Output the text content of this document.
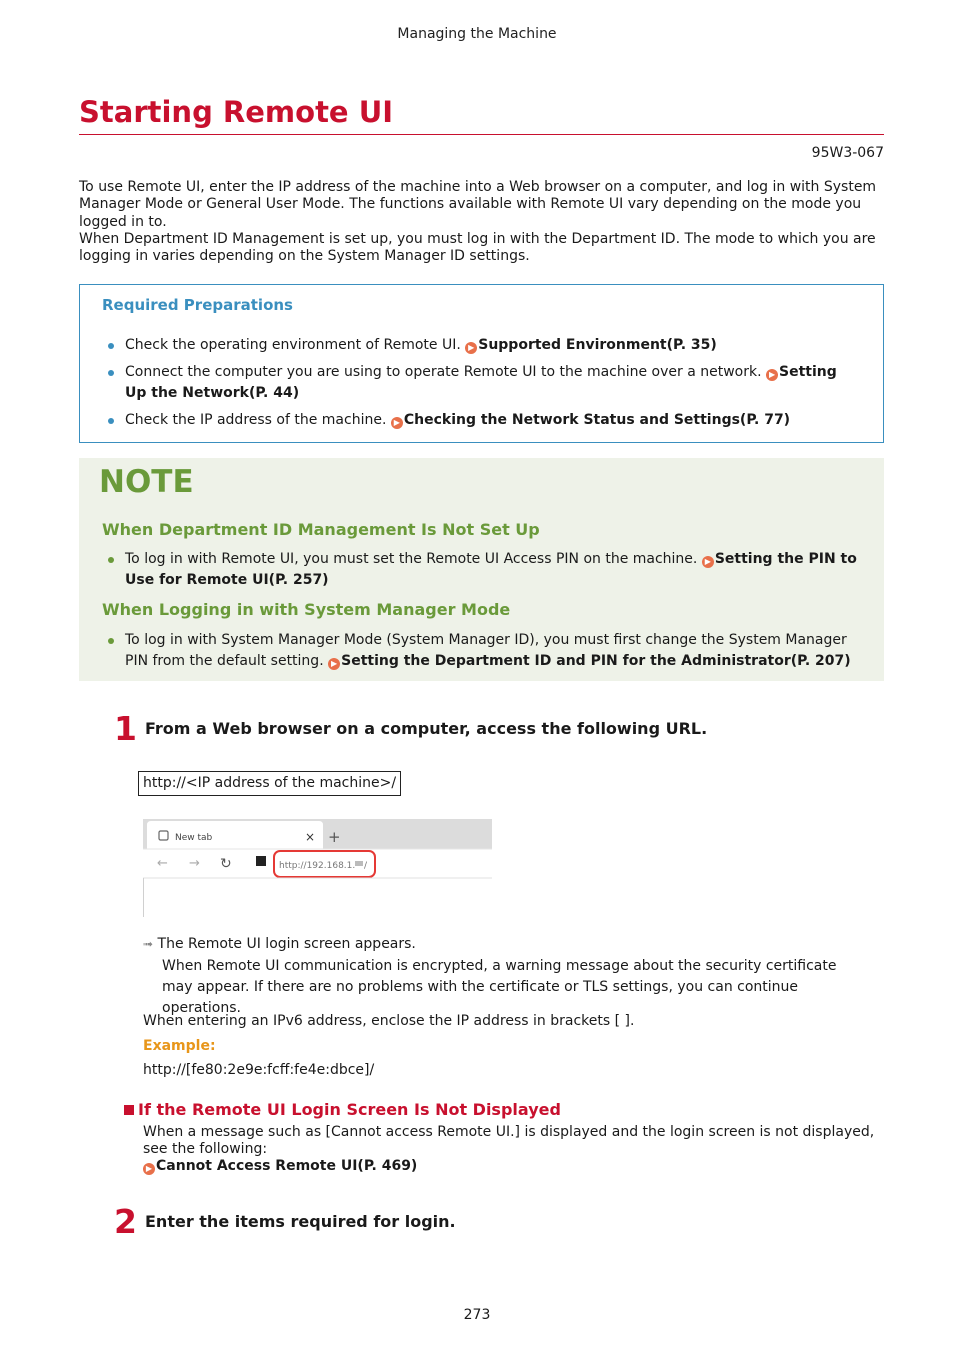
Managing the Machine
Starting Remote UI
95W3-067
To use Remote UI, enter the IP address of the machine into a Web browser on a computer, and log in with System Manager Mode or General User Mode. The functions available with Remote UI vary depending on the mode you logged in to.
When Department ID Management is set up, you must log in with the Department ID. The mode to which you are logging in varies depending on the System Manager ID settings.
Required Preparations
Check the operating environment of Remote UI. ▶ Supported Environment(P. 35)
Connect the computer you are using to operate Remote UI to the machine over a network. ▶ Setting Up the Network(P. 44)
Check the IP address of the machine. ▶ Checking the Network Status and Settings(P. 77)
NOTE
When Department ID Management Is Not Set Up
To log in with Remote UI, you must set the Remote UI Access PIN on the machine. ▶ Setting the PIN to Use for Remote UI(P. 257)
When Logging in with System Manager Mode
To log in with System Manager Mode (System Manager ID), you must first change the System Manager PIN from the default setting. ▶ Setting the Department ID and PIN for the Administrator(P. 207)
1 From a Web browser on a computer, access the following URL.
http://<IP address of the machine>/
New tab	× +
← → ↻	http://192.168.1. /
➟ The Remote UI login screen appears.
When Remote UI communication is encrypted, a warning message about the security certificate may appear. If there are no problems with the certificate or TLS settings, you can continue operations.
When entering an IPv6 address, enclose the IP address in brackets [ ].
Example:
http://[fe80:2e9e:fcff:fe4e:dbce]/
If the Remote UI Login Screen Is Not Displayed
When a message such as [Cannot access Remote UI.] is displayed and the login screen is not displayed, see the following:
▶ Cannot Access Remote UI(P. 469)
2 Enter the items required for login.
273
